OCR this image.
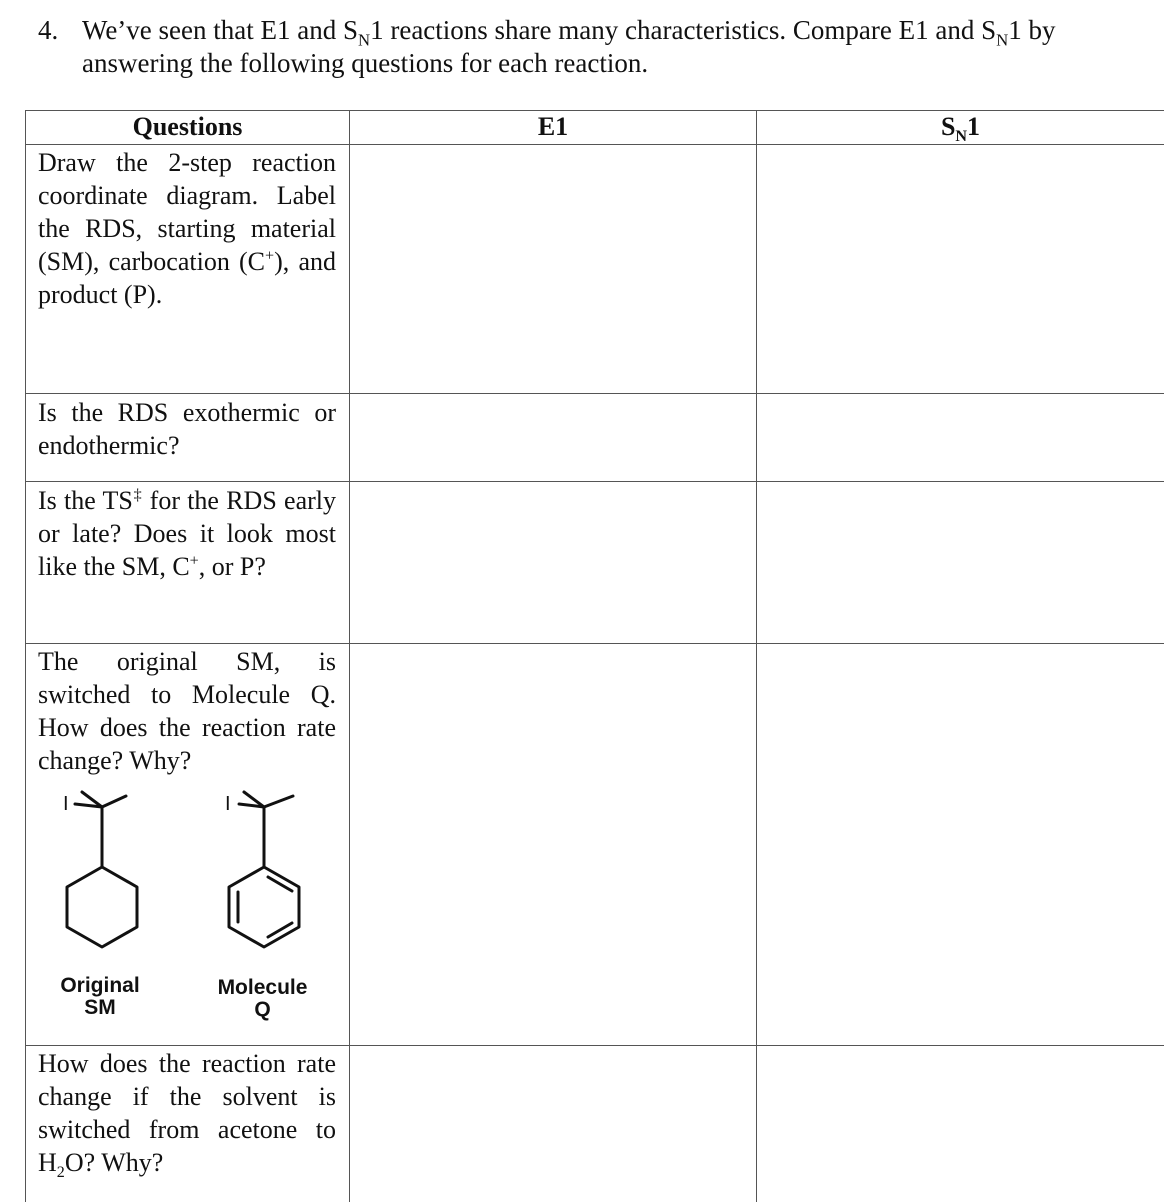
4. We’ve seen that E1 and $S_N1$ reactions share many characteristics. Compare E1 and $S_N1$ by
answering the following questions for each reaction.
Questions	E1	$S_N1$
Draw the 2-step reaction coordinate diagram. Label the RDS, starting material (SM), carbocation (C+), and product (P).
Is the RDS exothermic or endothermic?
Is the TS‡ for the RDS early or late? Does it look most like the SM, C+, or P?
The original SM, is switched to Molecule Q. How does the reaction rate change? Why?
I	I
Original
SM
Molecule
Q
How does the reaction rate change if the solvent is switched from acetone to $H_2O$? Why?
